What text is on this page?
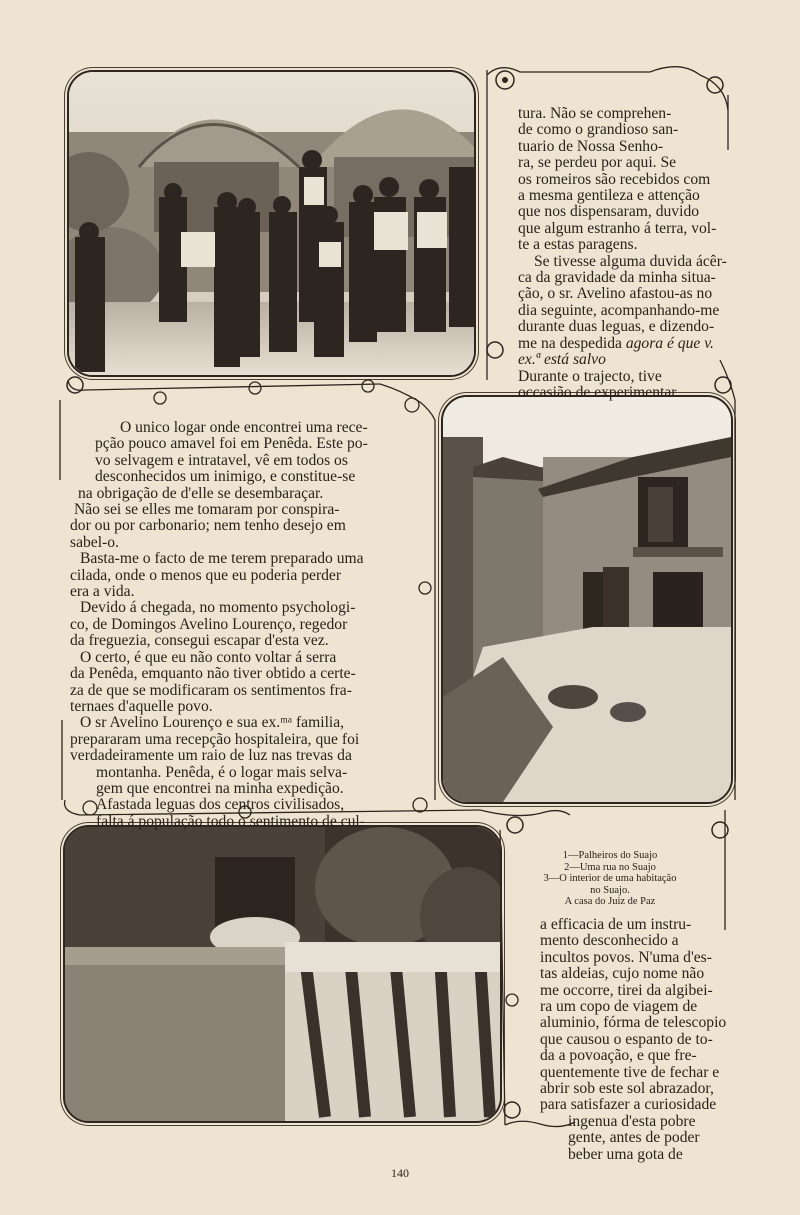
tura. Não se comprehen-
de como o grandioso san-
tuario de Nossa Senho-
ra, se perdeu por aqui. Se
os romeiros são recebidos com
a mesma gentileza e attenção
que nos dispensaram, duvido
que algum estranho á terra, vol-
te a estas paragens.
Se tivesse alguma duvida ácêr-
ca da gravidade da minha situa-
ção, o sr. Avelino afastou-as no
dia seguinte, acompanhando-me
durante duas leguas, e dizendo-
me na despedida agora é que v.
ex.ª está salvo
Durante o trajecto, tive
occasião de experimentar
O unico logar onde encontrei uma rece-
pção pouco amavel foi em Penêda. Este po-
vo selvagem e intratavel, vê em todos os
desconhecidos um inimigo, e constitue-se
na obrigação de d'elle se desembaraçar.
Não sei se elles me tomaram por conspira-
dor ou por carbonario; nem tenho desejo em
sabel-o.
Basta-me o facto de me terem preparado uma
cilada, onde o menos que eu poderia perder
era a vida.
Devido á chegada, no momento psychologi-
co, de Domingos Avelino Lourenço, regedor
da freguezia, consegui escapar d'esta vez.
O certo, é que eu não conto voltar á serra
da Penêda, emquanto não tiver obtido a certe-
za de que se modificaram os sentimentos fra-
ternaes d'aquelle povo.
O sr Avelino Lourenço e sua ex.ᵐᵃ familia,
prepararam uma recepção hospitaleira, que foi
verdadeiramente um raio de luz nas trevas da
montanha. Penêda, é o logar mais selva-
gem que encontrei na minha expedição.
Afastada leguas dos centros civilisados,
falta á população todo o sentimento de cul-
1—Palheiros do Suajo
2—Uma rua no Suajo
3—O interior de uma habitação
no Suajo.
A casa do Juiz de Paz
a efficacia de um instru-
mento desconhecido a
incultos povos. N'uma d'es-
tas aldeias, cujo nome não
me occorre, tirei da algibei-
ra um copo de viagem de
aluminio, fórma de telescopio
que causou o espanto de to-
da a povoação, e que fre-
quentemente tive de fechar e
abrir sob este sol abrazador,
para satisfazer a curiosidade
ingenua d'esta pobre
gente, antes de poder
beber uma gota de
140
